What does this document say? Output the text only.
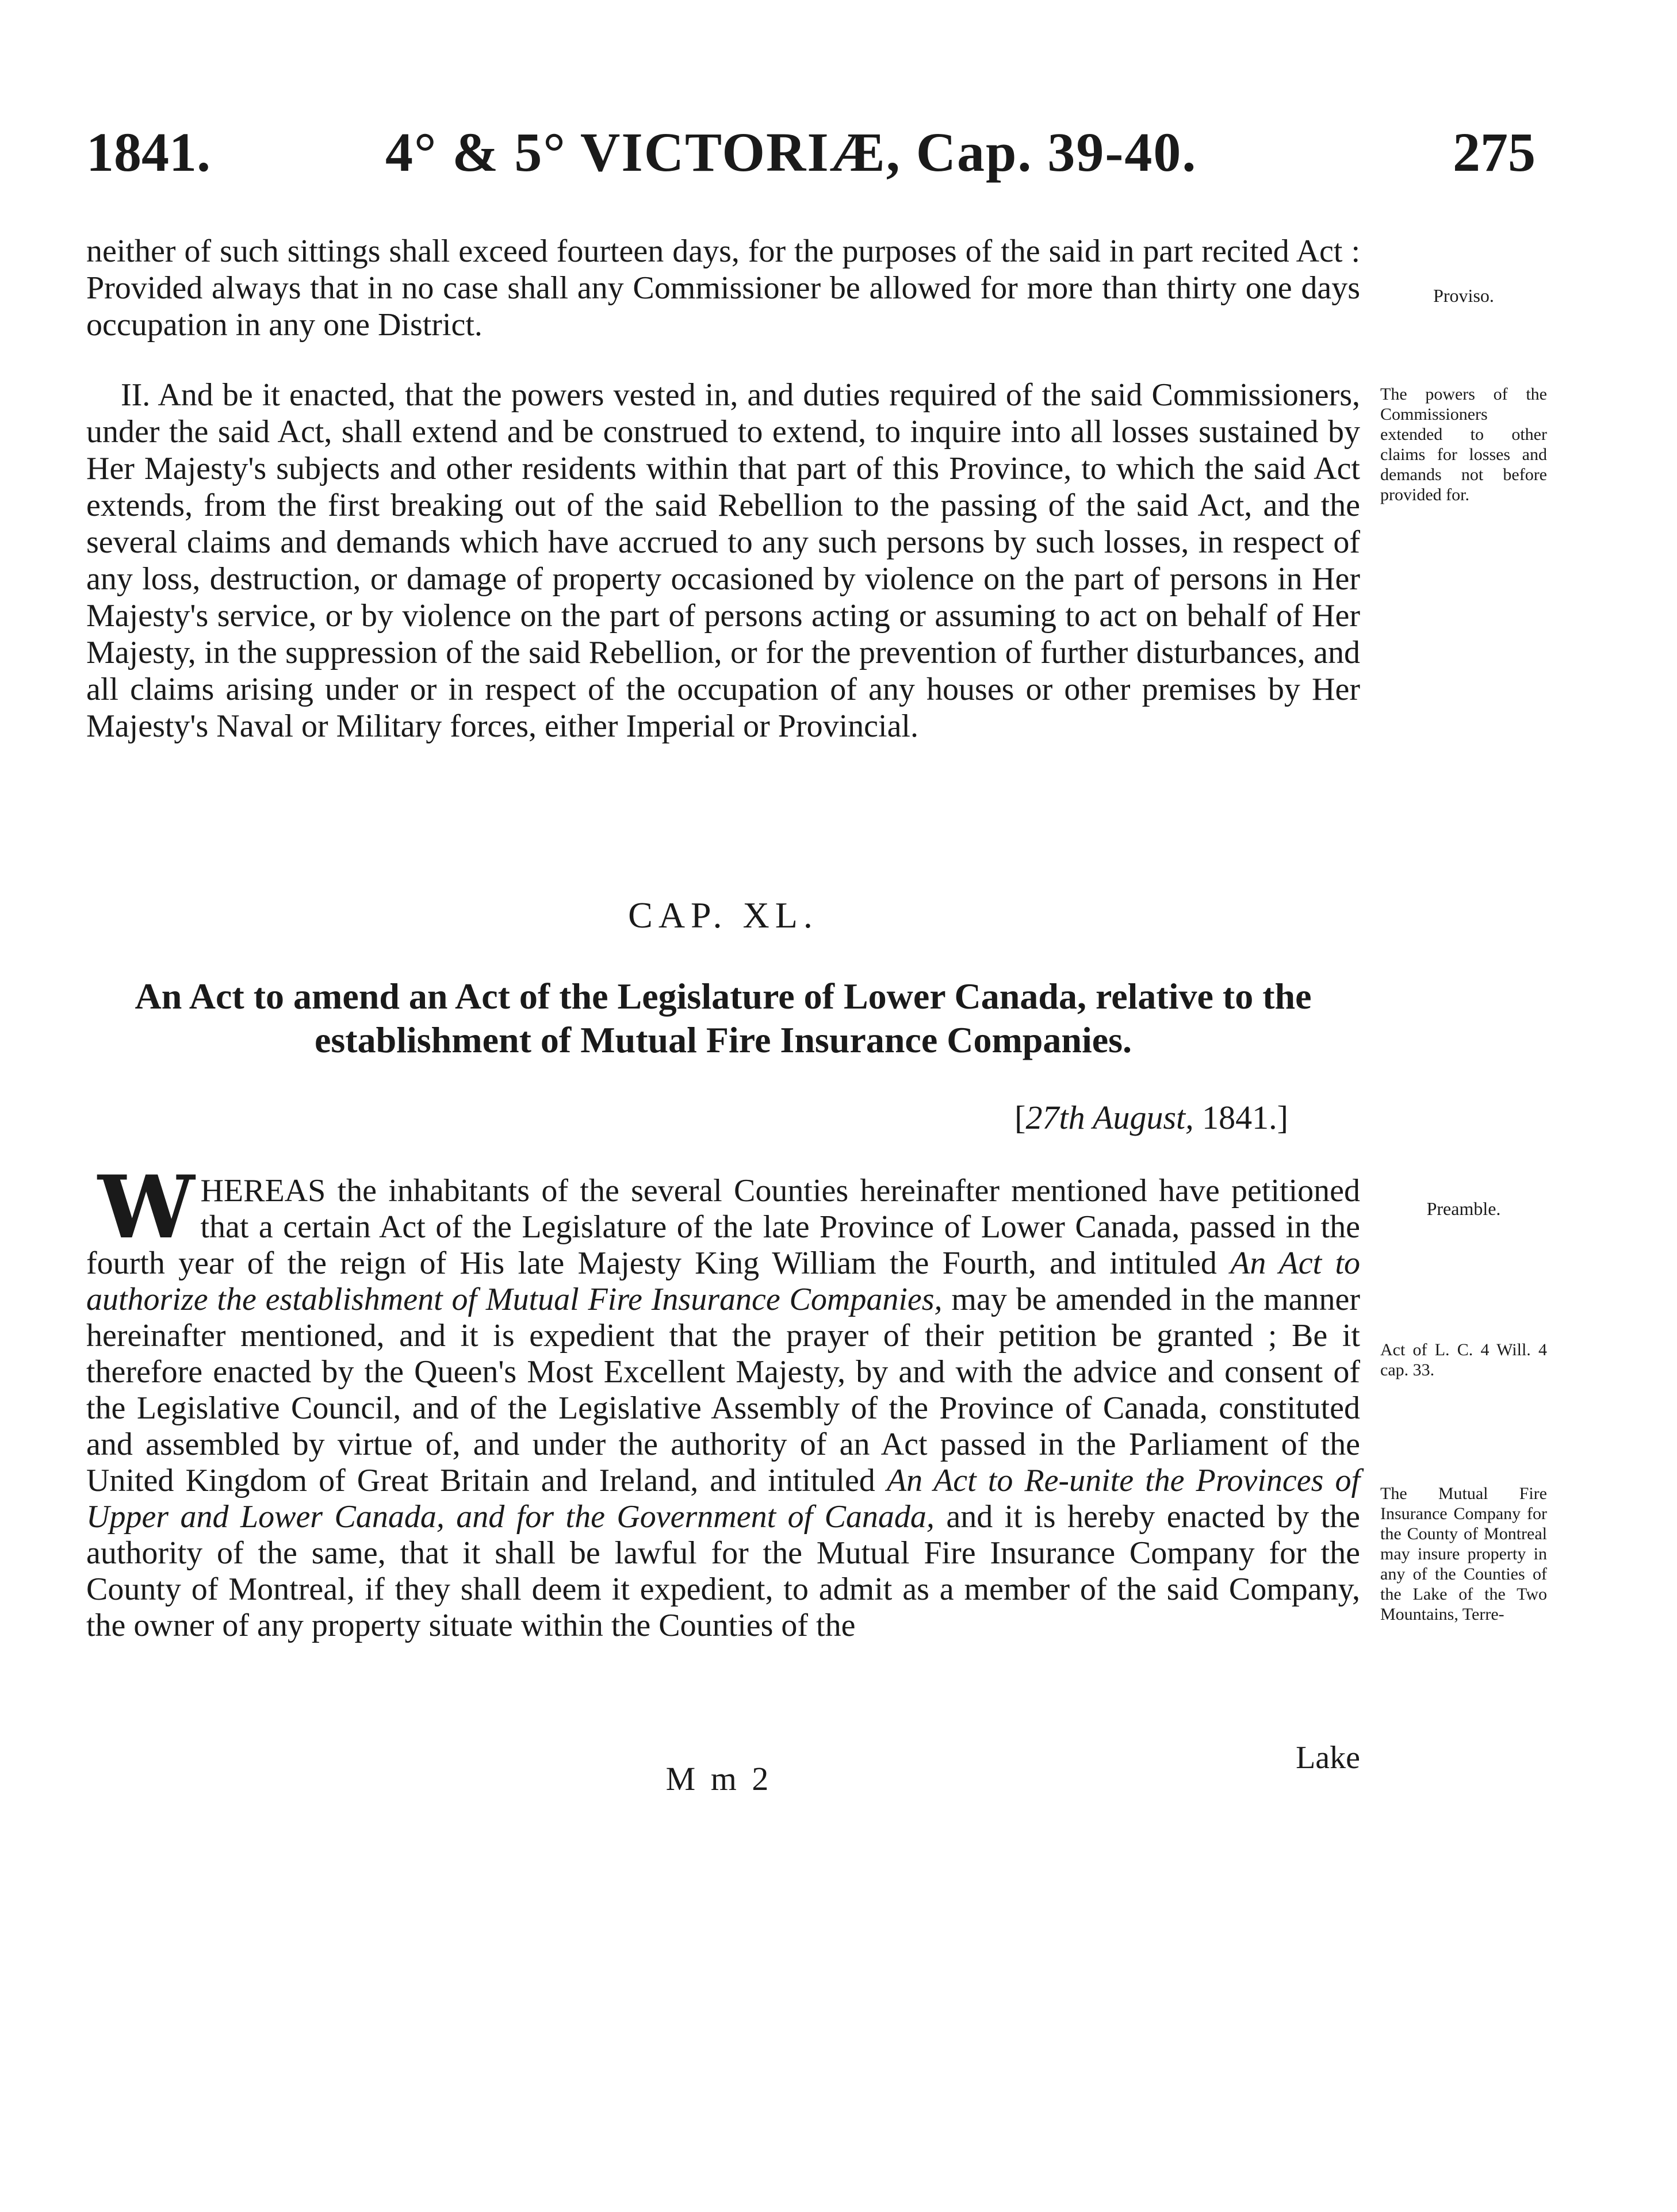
1841.	4° & 5° VICTORIÆ, Cap. 39-40.	275
neither of such sittings shall exceed fourteen days, for the purposes of the said in part recited Act : Provided always that in no case shall any Commissioner be allowed for more than thirty one days occupation in any one District.
Proviso.
II. And be it enacted, that the powers vested in, and duties required of the said Commissioners, under the said Act, shall extend and be construed to extend, to inquire into all losses sustained by Her Majesty's subjects and other residents within that part of this Province, to which the said Act extends, from the first breaking out of the said Rebellion to the passing of the said Act, and the several claims and demands which have accrued to any such persons by such losses, in respect of any loss, destruction, or damage of property occasioned by violence on the part of persons in Her Majesty's service, or by violence on the part of persons acting or assuming to act on behalf of Her Majesty, in the suppression of the said Rebellion, or for the prevention of further disturbances, and all claims arising under or in respect of the occupation of any houses or other premises by Her Majesty's Naval or Military forces, either Imperial or Provincial.
The powers of the Commissioners extended to other claims for losses and demands not before provided for.
CAP. XL.
An Act to amend an Act of the Legislature of Lower Canada, relative to the establishment of Mutual Fire Insurance Companies.
[27th August, 1841.]
WHEREAS the inhabitants of the several Counties hereinafter mentioned have petitioned that a certain Act of the Legislature of the late Province of Lower Canada, passed in the fourth year of the reign of His late Majesty King William the Fourth, and intituled An Act to authorize the establishment of Mutual Fire Insurance Companies, may be amended in the manner hereinafter mentioned, and it is expedient that the prayer of their petition be granted ; Be it therefore enacted by the Queen's Most Excellent Majesty, by and with the advice and consent of the Legislative Council, and of the Legislative Assembly of the Province of Canada, constituted and assembled by virtue of, and under the authority of an Act passed in the Parliament of the United Kingdom of Great Britain and Ireland, and intituled An Act to Re-unite the Provinces of Upper and Lower Canada, and for the Government of Canada, and it is hereby enacted by the authority of the same, that it shall be lawful for the Mutual Fire Insurance Company for the County of Montreal, if they shall deem it expedient, to admit as a member of the said Company, the owner of any property situate within the Counties of the
Preamble.
Act of L. C. 4 Will. 4 cap. 33.
The Mutual Fire Insurance Company for the County of Montreal may insure property in any of the Counties of the Lake of the Two Mountains, Terre-
Lake
M m 2
